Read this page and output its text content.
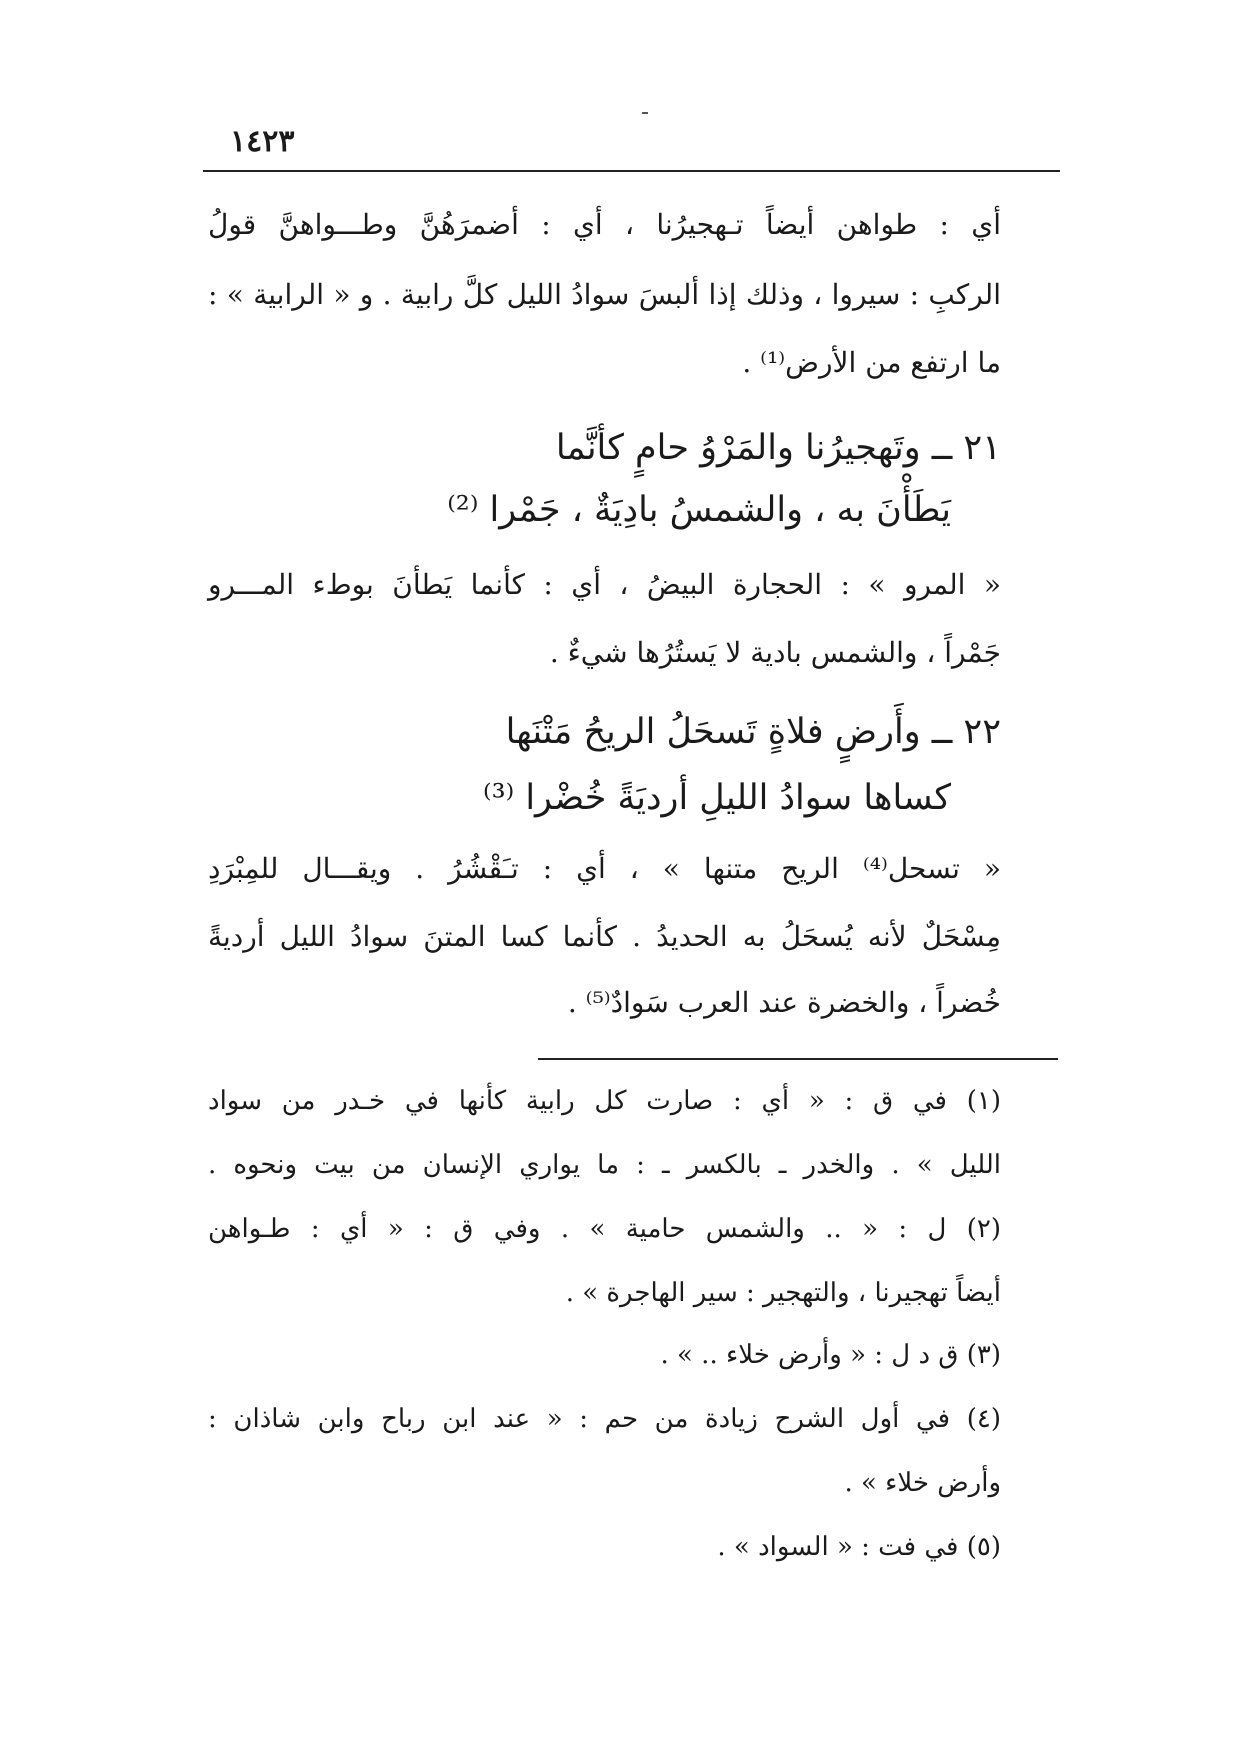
١٤٢٣
أي : طواهن أيضاً تـهجيرُنا ، أي : أضمرَهُنَّ وطـــواهنَّ قولُ
الركبِ : سيروا ، وذلك إذا ألبسَ سوادُ الليل كلَّ رابية . و « الرابية » :
ما ارتفع من الأرض⁽¹⁾ .
٢١ ــ وتَهجيرُنا والمَرْوُ حامٍ كأنَّما
يَطَأْنَ به ، والشمسُ بادِيَةٌ ، جَمْرا ⁽²⁾
« المرو » : الحجارة البيضُ ، أي : كأنما يَطأنَ بوطء المـــرو
جَمْراً ، والشمس بادية لا يَستُرُها شيءٌ .
٢٢ ــ وأَرضٍ فلاةٍ تَسحَلُ الريحُ مَتْنَها
كساها سوادُ الليلِ أرديَةً خُضْرا ⁽³⁾
« تسحل⁽⁴⁾ الريح متنها » ، أي : تـَقْشُرُ . ويقـــال للمِبْرَدِ
مِسْحَلٌ لأنه يُسحَلُ به الحديدُ . كأنما كسا المتنَ سوادُ الليل أرديةً
خُضراً ، والخضرة عند العرب سَوادٌ⁽⁵⁾ .
(١) في ق : « أي : صارت كل رابية كأنها في خـدر من سواد
الليل » . والخدر ـ بالكسر ـ : ما يواري الإنسان من بيت ونحوه .
(٢) ل : « .. والشمس حامية » . وفي ق : « أي : طـواهن
أيضاً تهجيرنا ، والتهجير : سير الهاجرة » .
(٣) ق د ل : « وأرض خلاء .. » .
(٤) في أول الشرح زيادة من حم : « عند ابن رباح وابن شاذان :
وأرض خلاء » .
(٥) في فت : « السواد » .
